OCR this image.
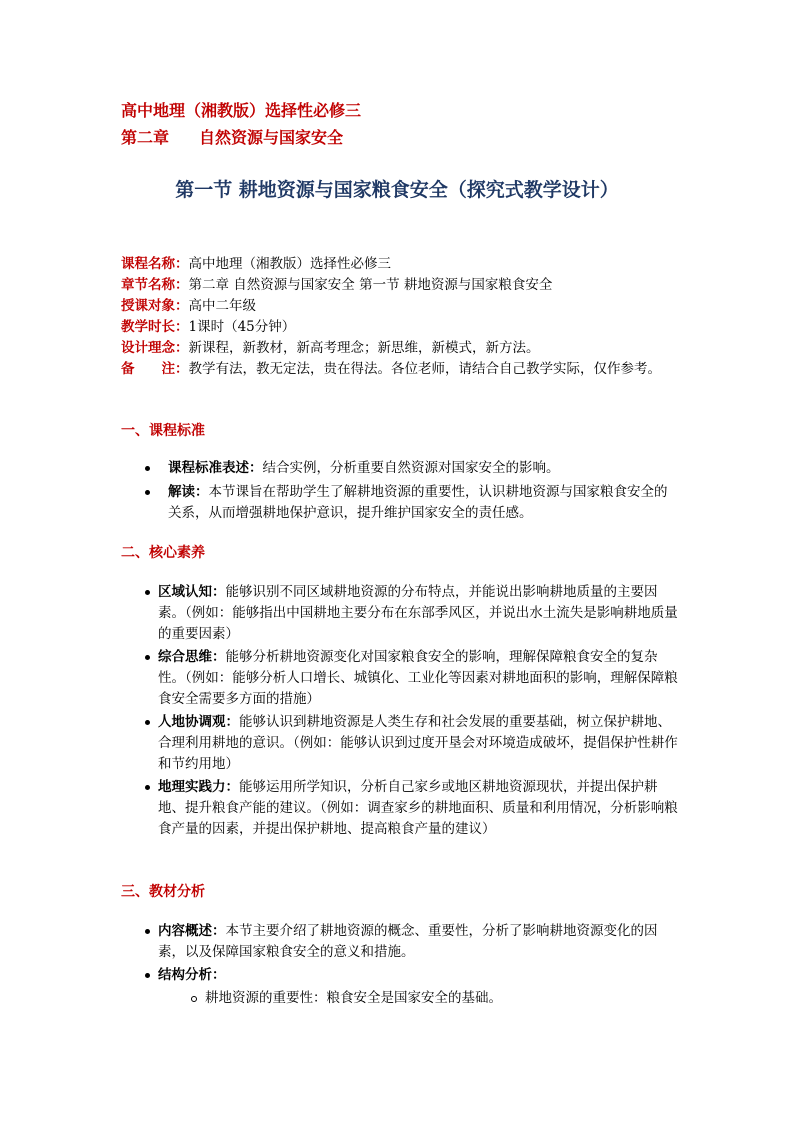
高中地理（湘教版）选择性必修三
第二章 自然资源与国家安全
第一节 耕地资源与国家粮食安全（探究式教学设计）
课程名称： 高中地理（湘教版）选择性必修三
章节名称： 第二章 自然资源与国家安全 第一节 耕地资源与国家粮食安全
授课对象： 高中二年级
教学时长： 1课时（45分钟）
设计理念： 新课程，新教材，新高考理念；新思维，新模式，新方法。
备　　注： 教学有法，教无定法，贵在得法。各位老师，请结合自己教学实际，仅作参考。
一、课程标准
课程标准表述：结合实例，分析重要自然资源对国家安全的影响。
解读：本节课旨在帮助学生了解耕地资源的重要性，认识耕地资源与国家粮食安全的关系，从而增强耕地保护意识，提升维护国家安全的责任感。
二、核心素养
区域认知：能够识别不同区域耕地资源的分布特点，并能说出影响耕地质量的主要因素。（例如：能够指出中国耕地主要分布在东部季风区，并说出水土流失是影响耕地质量的重要因素）
综合思维：能够分析耕地资源变化对国家粮食安全的影响，理解保障粮食安全的复杂性。（例如：能够分析人口增长、城镇化、工业化等因素对耕地面积的影响，理解保障粮食安全需要多方面的措施）
人地协调观：能够认识到耕地资源是人类生存和社会发展的重要基础，树立保护耕地、合理利用耕地的意识。（例如：能够认识到过度开垦会对环境造成破坏，提倡保护性耕作和节约用地）
地理实践力：能够运用所学知识，分析自己家乡或地区耕地资源现状，并提出保护耕地、提升粮食产能的建议。（例如：调查家乡的耕地面积、质量和利用情况，分析影响粮食产量的因素，并提出保护耕地、提高粮食产量的建议）
三、教材分析
内容概述：本节主要介绍了耕地资源的概念、重要性，分析了影响耕地资源变化的因素，以及保障国家粮食安全的意义和措施。
结构分析：
耕地资源的重要性：粮食安全是国家安全的基础。
